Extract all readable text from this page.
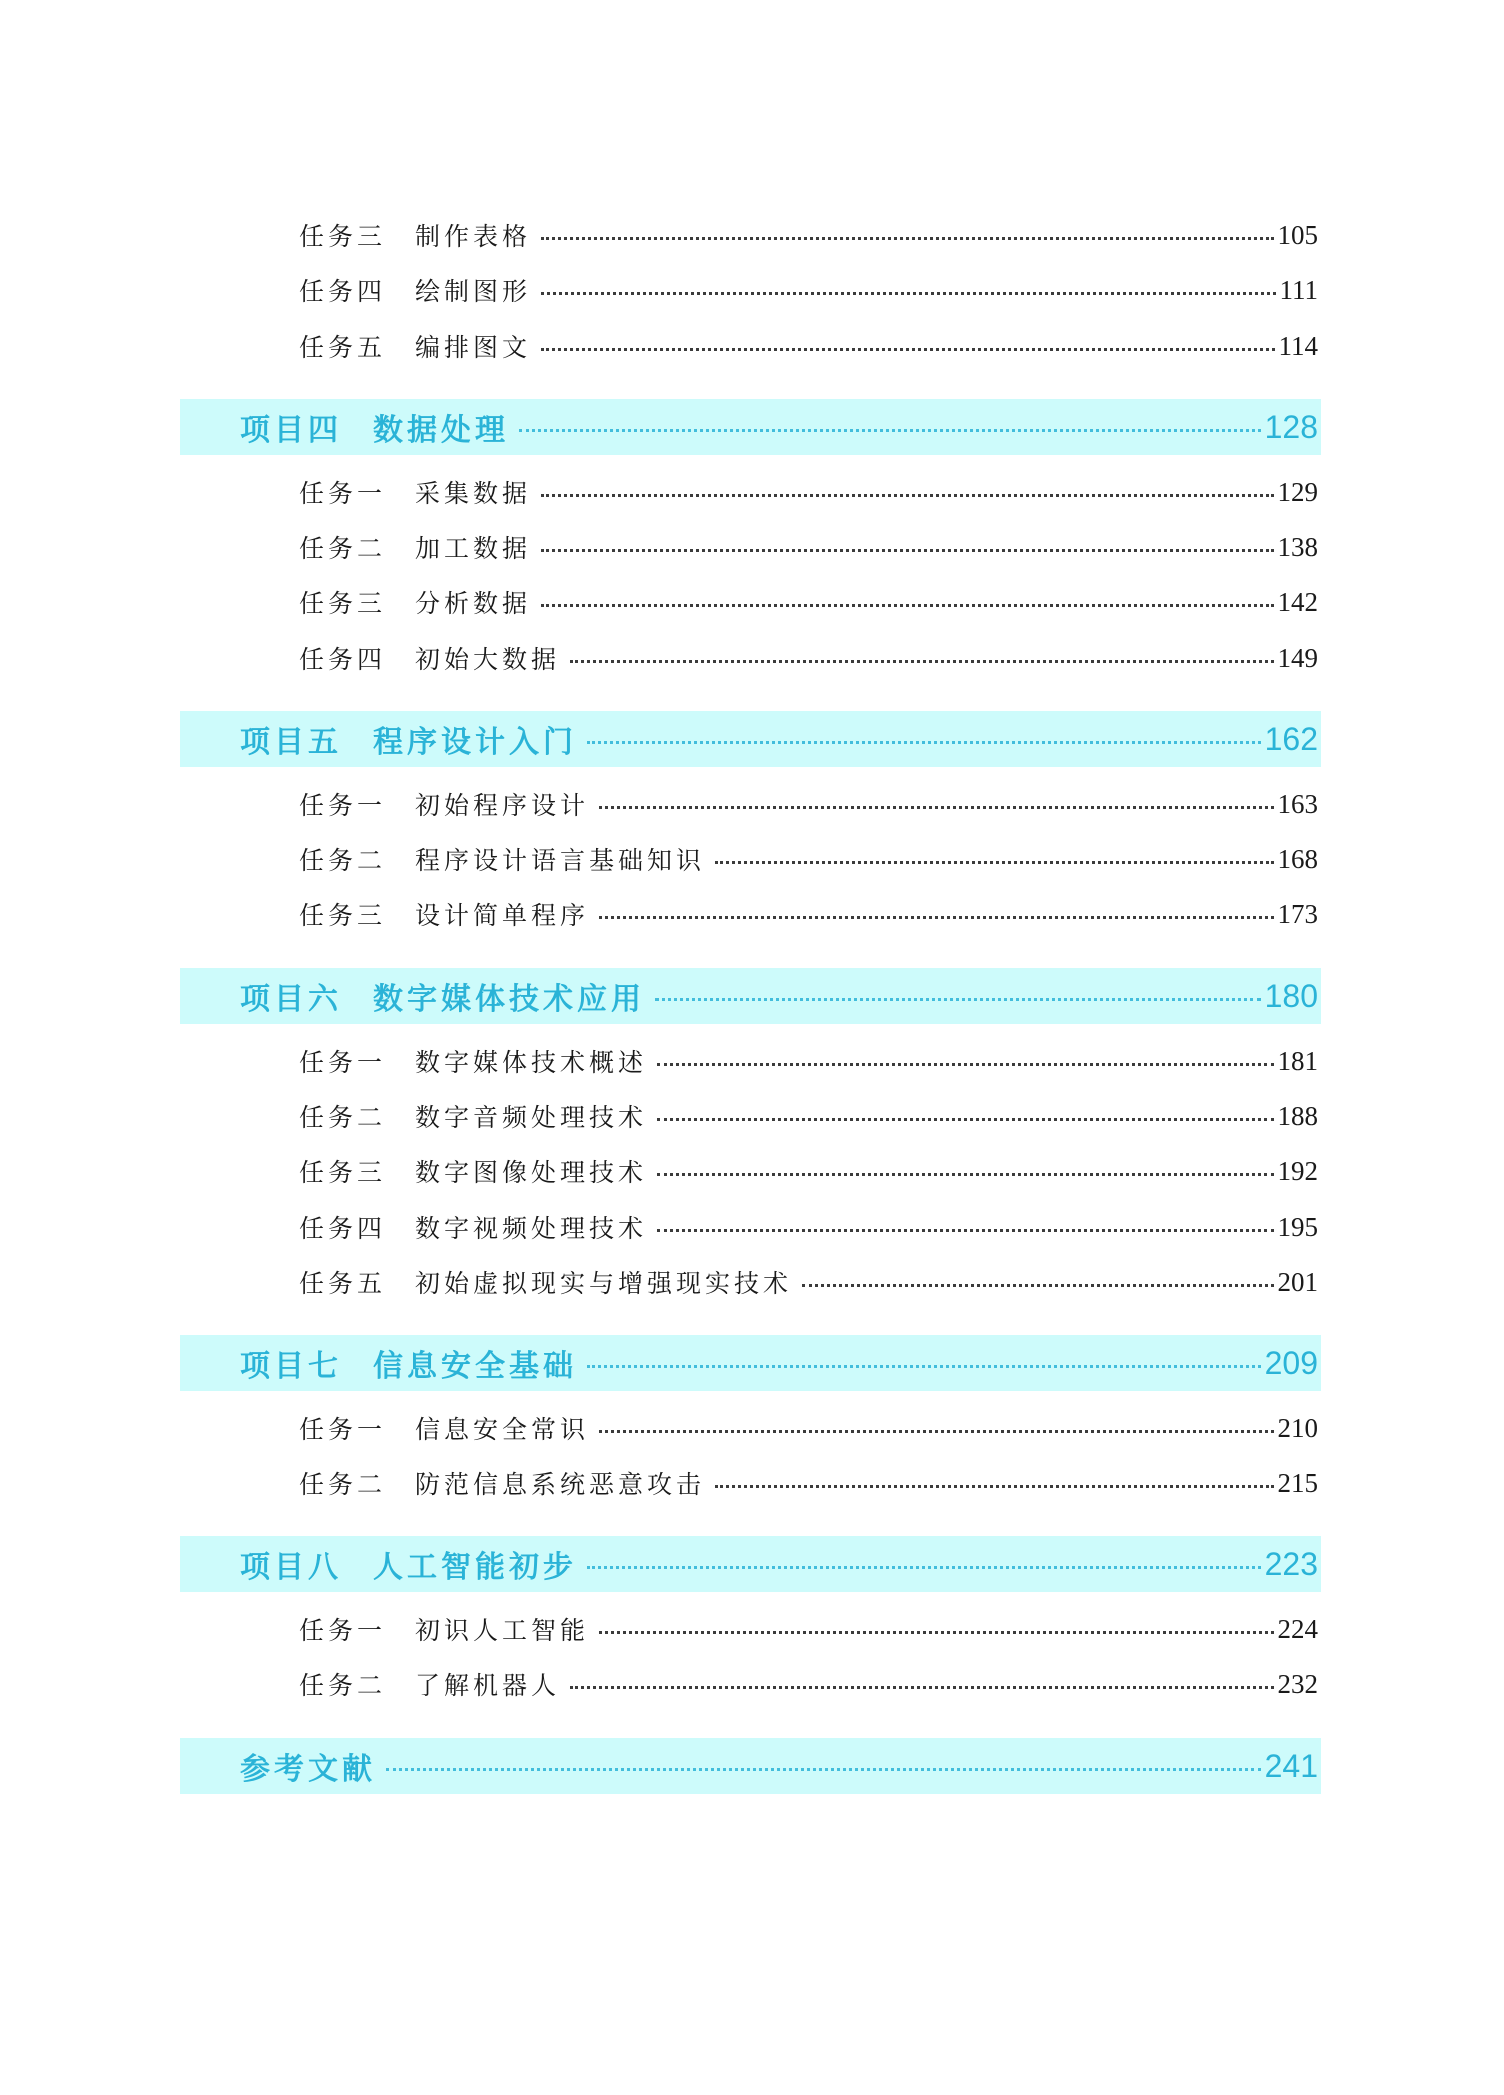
任务三	制作表格	105
任务四	绘制图形	111
任务五	编排图文	114
项目四	数据处理	128
任务一	采集数据	129
任务二	加工数据	138
任务三	分析数据	142
任务四	初始大数据	149
项目五	程序设计入门	162
任务一	初始程序设计	163
任务二	程序设计语言基础知识	168
任务三	设计简单程序	173
项目六	数字媒体技术应用	180
任务一	数字媒体技术概述	181
任务二	数字音频处理技术	188
任务三	数字图像处理技术	192
任务四	数字视频处理技术	195
任务五	初始虚拟现实与增强现实技术	201
项目七	信息安全基础	209
任务一	信息安全常识	210
任务二	防范信息系统恶意攻击	215
项目八	人工智能初步	223
任务一	初识人工智能	224
任务二	了解机器人	232
参考文献	241
